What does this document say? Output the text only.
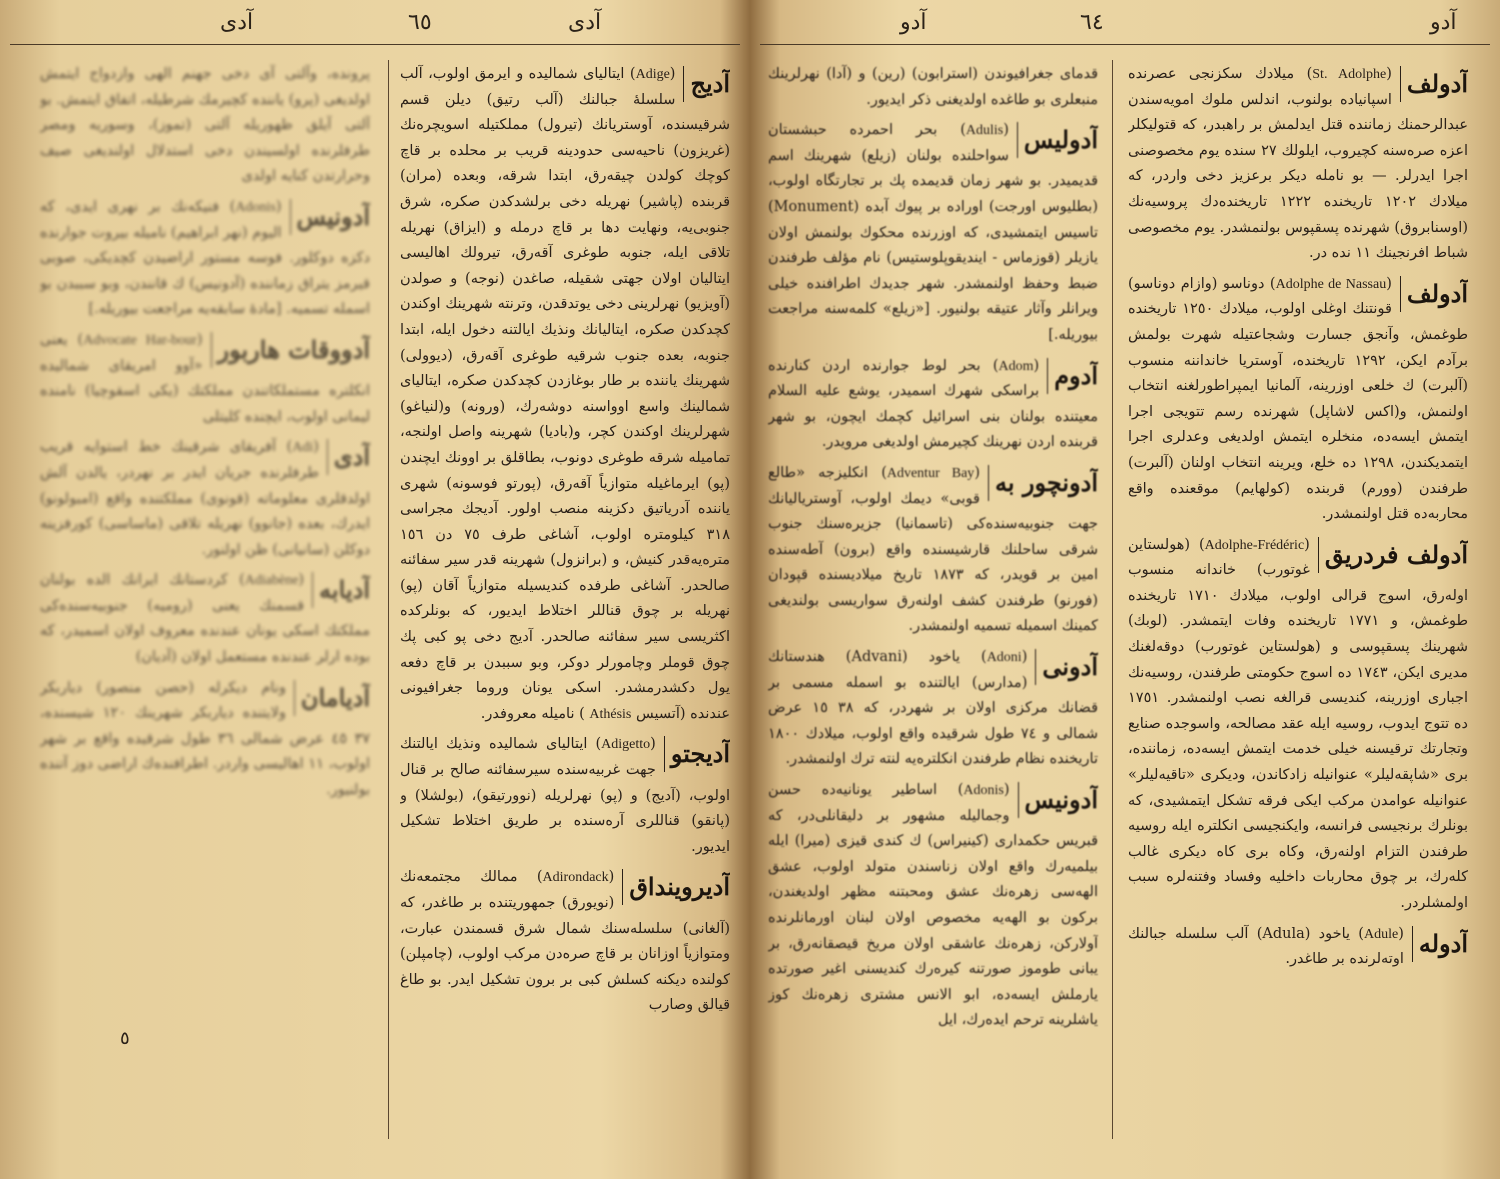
آدی	٦٥	آدی
آدیج
(Adige) ایتالیای شمالیده و ایرمق اولوب، آلب سلسلهٔ جبالنك (آلب رتیق) دیلن قسم شرقیسنده، آوستریانك (تیرول) مملکتیله اسویچره‌نك (غریزون) ناحیه‌سی حدودینه قریب بر محلده بر قاچ کوچك کولدن چیقه‌رق، ابتدا شرقه، وبعده (مران) قربنده (پاشیر) نهریله دخی برلشدکدن صکره، شرق جنوبی‌یه، ونهایت دها بر قاچ درمله و (ایزاق) نهریله تلاقی ایله، جنوبه طوغری آقه‌رق، تیرولك اهالیسی ایتالیان اولان جهتی شقیله، صاغدن (نوجه) و صولدن (آویزیو) نهرلرینی دخی یوتدقدن، وترنته شهرینك اوكندن کچدکدن صکره، ایتالیانك ونذیك ایالتنه دخول ایله، ابتدا جنوبه، بعده جنوب شرقیه طوغری آقه‌رق، (دیوولی) شهرینك یاننده بر طار بوغازدن کچدکدن صکره، ایتالیای شمالینك واسع اوواسنه دوشه‌رك، (ورونه) و(لنیاغو) شهرلرینك اوكندن کچر، و(بادیا) شهرینه واصل اولنجه، تمامیله شرقه طوغری دونوب، بطاقلق بر اوونك ایچندن (پو) ایرماغیله متوازیاً آقه‌رق، (پورتو فوسونه) شهری یاننده آدریاتیق دکزینه منصب اولور. آدیجك مجراسی ٣١٨ کیلو‌متره اولوب، آشاغی طرف ٧٥ دن ١٥٦ متره‌یه‌قدر کنیش، و (برانزول) شهرینه قدر سیر سفائنه صالحدر. آشاغی طرفده کندیسیله متوازیاً آقان (پو) نهریله بر چوق قناللر اختلاط ایدیور، که بونلرکده اکثریسی سیر سفائنه صالحدر. آدیج دخی پو کبی پك چوق قوملر وچامورلر دوکر، وبو سببدن بر قاچ دفعه یول دکشدرمشدر. اسکی یونان وروما جغرافیونی عندنده (آتسیس Athésis ) نامیله معروفدر.
آدیجتو
(Adigetto) ایتالیای شمالیده ونذیك ایالتنك جهت غربیه‌سنده سیرسفائنه صالح بر قنال اولوب، (آدیج) و (پو) نهرلریله (نوورتیقو)، (بولشلا) و (پانقو) قناللری آره‌سنده بر طریق اختلاط تشکیل ایدیور.
آدیروینداق
(Adirondack) ممالك مجتمعه‌نك (نویورق) جمهوریتنده بر طاغدر، که (آلغانی) سلسله‌سنك شمال شرق قسمندن عبارت، ومتوازیاً اوزانان بر قاچ صره‌دن مرکب اولوب، (چامپلن) کولنده دیکنه کسلش کبی بر برون تشکیل ایدر. بو طاغ قیالق وصارب
پرونده، وآلتی آی دخی جهنم الهی وازدواج ایتمش اولدیغی (پرو) یاننده کچیرمك شرطیله، اتفاق ایتمش. بو آلتی آیلق ظهوریله آلتی (تموز)، وسوریه ومصر طرفلرنده اولسیندن دخی استدلال اولندیغی صیف وحرارتدن کنایه اولدی
آدونیس
(Adonis) فنیکه‌نك بر نهری ایدی، که الیوم (نهر ابراهیم) نامیله بیروت جوارنده دکزه دوکلور. فوسه مستور اراضیدن کچدیکی، صوبی قیرمز یتراق زماننده (آدونیس) ك قانندن، وبو سببدن بو اسمله تسمیه. [مادهٔ سابقه‌یه مراجعت بیوریله.]
آدووقات هاربور
(Advocate Har-bour) یعنی «آوو امریقای شمالیده انکلتره مستملکاتندن مملکتك (یکی اسقوچیا) نامنده لیمانی اولوب، ایچنده کلیتلی
آدی
(Adi) آفریقای شرقینك خط استوایه قریب طرفلرنده جریان ایدر بر نهردر، یالدن آلش اولدقلری معلوماته (قونوی) مملکتنده واقع (امبولونو) ایدرك، بعده (جانوو) نهریله تلاقی (ماساسی) کورفزینه دوکلن (سانیانی) ظن اولنور.
آدیابه
(Adiabène) کردستانك ایرانك الده بولنان قسمنك یعنی (رومیه) جنوبیه‌سنده‌کی مملکتك اسکی یونان عندنده معروف اولان اسمیدر، که بوده ارلر عندنده مستعمل اولان (آدیان)
آدیامان
ونام دیکرله (حصن منصور) دیاربکر ولایتنده دیاربکر شهرینك ١٢٠ شیسنده، ٣٧ ٤٥ عرض شمالی ٣٦ طول شرقیده واقع بر شهر اولوب، ١١ اهالیسی واردر. اطرافنده‌ك اراضی دوز آتنده بولنیور.
٥
آدو	٦٤	آدو
قدمای جغرافیوندن (استرابون) (رین) و (آدا) نهرلرینك منبعلری بو طاغده اولدیغنی ذکر ایدیور.
آدولیس
(Adulis) بحر احمرده حبشستان سواحلنده بولنان (زیلع) شهرینك اسم قدیمیدر. بو شهر زمان قدیمده پك بر تجارتگاه اولوب، (بطلیوس اورجت) اوراده بر پیوك آبده (Monument) تاسیس ایتمشیدی، که اوزرنده محکوك بولنمش اولان یازیلر (قوزماس - ایندیقوپلوستیس) نام مؤلف طرفندن ضبط وحفظ اولنمشدر. شهر جدیدك اطرافنده خیلی ویرانلر وآثار عتیقه بولنیور. [«زیلع» کلمه‌سنه مراجعت بیوریله.]
آدوم
(Adom) بحر لوط جوارنده اردن کنارنده براسکی شهرك اسمیدر، یوشع علیه السلام معیتنده بولنان بنی اسرائیل کچمك ایچون، بو شهر قربنده اردن نهرینك کچیرمش اولدیغی مرویدر.
آدونچور به
(Adventur Bay) انکلیزجه «طالع قوبی» دیمك اولوب، آوستریالیانك جهت جنوبیه‌سنده‌کی (تاسمانیا) جزیره‌سنك جنوب شرقی ساحلنك قارشیسنده واقع (برون) آطه‌سنده امین بر قویدر، که ١٨٧٣ تاریخ میلادیسنده قپودان (فورنو) طرفندن کشف اولنه‌رق سواریسی بولندیغی کمینك اسمیله تسمیه اولنمشدر.
آدونی
(Adoni) یاخود (Advani) هندستانك (مدارس) ایالتنده بو اسمله مسمی بر قضانك مرکزی اولان بر شهردر، که ٣٨ ١٥ عرض شمالی و ٧٤ طول شرقیده واقع اولوب، میلادك ١٨٠٠ تاریخنده نظام طرفندن انکلتره‌یه لنته ترك اولنمشدر.
آدونیس
(Adonis) اساطیر یونانیه‌ده حسن وجمالیله مشهور بر دلیقانلی‌در، که قبریس حکمداری (کینیراس) ك کندی قیزی (میرا) ایله بیلمیه‌رك واقع اولان زناسندن متولد اولوب، عشق الهه‌سی زهره‌نك عشق ومحبتنه مظهر اولدیغندن، برکون بو الهه‌یه مخصوص اولان لبنان اورمانلرنده آولارکن، زهره‌نك عاشقی اولان مریخ قیصقانه‌رق، بر یبانی طوموز صورتنه کیره‌رك کندیسنی اغیر صورتده یارملش ایسه‌ده، ابو الانس مشتری زهره‌نك کوز یاشلرینه ترحم ایده‌رك، ایل
آدولف
(St. Adolphe) میلادك سکزنجی عصرنده اسپانیاده بولنوب، اندلس ملوك امویه‌سندن عبدالرحمنك زماننده قتل ایدلمش بر راهبدر، که قتولیکلر اعزه صره‌سنه کچیروب، ایلولك ٢٧ سنده یوم مخصوصنی اجرا ایدرلر. — بو نامله دیکر برعزیز دخی واردر، که میلادك ١٢٠٢ تاریخنده ١٢٢٢ تاریخنده‌دك پروسیه‌نك (اوسنابروق) شهرنده پسقپوس بولنمشدر. یوم مخصوصی شباط افرنجینك ١١ نده در.
آدولف
(Adolphe de Nassau) دوناسو (وازام دوناسو) قونتنك اوغلی اولوب، میلادك ١٢٥٠ تاریخنده طوغمش، وآنجق جسارت وشجاعتیله شهرت بولمش برآدم ایکن، ١٢٩٢ تاریخنده، آوستریا خانداننه منسوب (آلبرت) ك خلعی اوزرینه، آلمانیا ایمپراطورلغنه انتخاب اولنمش، و(اکس لاشاپل) شهرنده رسم تتویجی اجرا ایتمش ایسه‌ده، منخلره ایتمش اولدیغی وعدلری اجرا ایتمدیکندن، ١٢٩٨ ده خلع، ویرینه انتخاب اولنان (آلبرت) طرفندن (وورم) قربنده (کولهایم) موقعنده واقع محاربه‌ده قتل اولنمشدر.
آدولف فردریق
(Adolphe-Frédéric) (هولستاین غوتورب) خاندانه منسوب اوله‌رق، اسوج قرالی اولوب، میلادك ١٧١٠ تاریخنده طوغمش، و ١٧٧١ تاریخنده وفات ایتمشدر. (لوبك) شهرینك پسقپوسی و (هولستاین غوتورب) دوقه‌لغنك مدیری ایکن، ١٧٤٣ ده اسوج حکومتی طرفندن، روسیه‌نك اجباری اوزرینه، کندیسی قرالغه نصب اولنمشدر. ١٧٥١ ده تتوج ایدوب، روسیه ایله عقد مصالحه، واسوجده صنایع وتجارتك ترقیسنه خیلی خدمت ایتمش ایسه‌ده، زماننده، بری «شاپقه‌لیلر» عنوانیله زادکاندن، ودیکری «تاقیه‌لیلر» عنوانیله عوامدن مرکب ایکی فرقه تشکل ایتمشیدی، که بونلرك برنجیسی فرانسه، وایکنجیسی انکلتره ایله روسیه طرفندن التزام اولنه‌رق، وکاه بری کاه دیکری غالب کله‌رك، بر چوق محاربات داخلیه وفساد وفتنه‌لره سبب اولمشلردر.
آدوله
(Adule) یاخود (Adula) آلب سلسله جبالنك اوته‌لرنده بر طاغدر.
